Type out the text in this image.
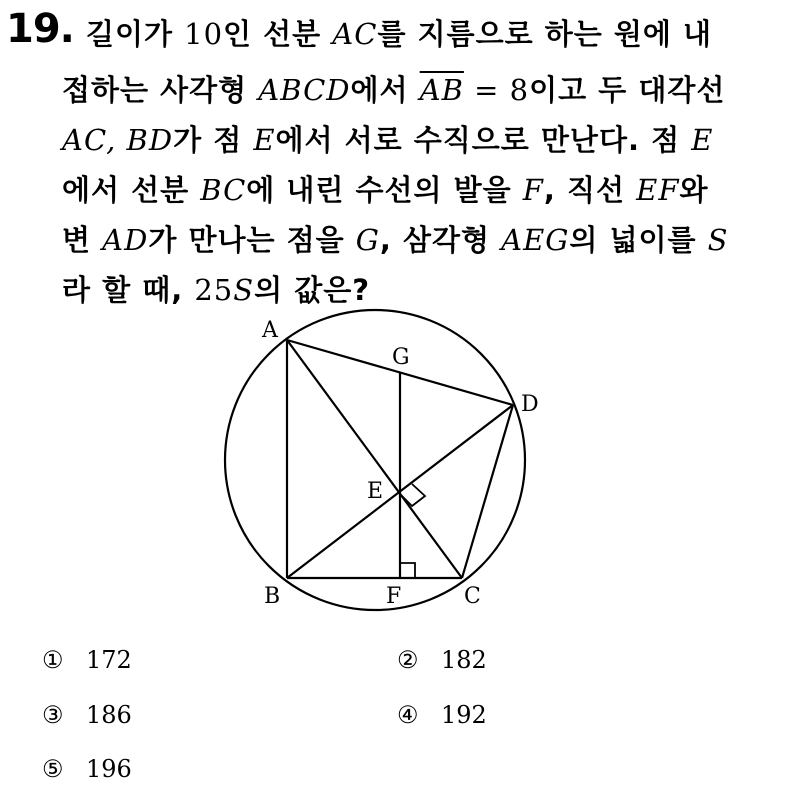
19. 길이가 10인 선분 AC를 지름으로 하는 원에 내
접하는 사각형 ABCD에서 $\overline{AB} = 8$이고 두 대각선
AC, BD가 점 E에서 서로 수직으로 만난다. 점 E
에서 선분 BC에 내린 수선의 발을 F, 직선 EF와
변 AD가 만나는 점을 G, 삼각형 AEG의 넓이를 S
라 할 때, 25S의 값은?
A
G
D
E
B	F	C
① 172	② 182
③ 186	④ 192
⑤ 196
